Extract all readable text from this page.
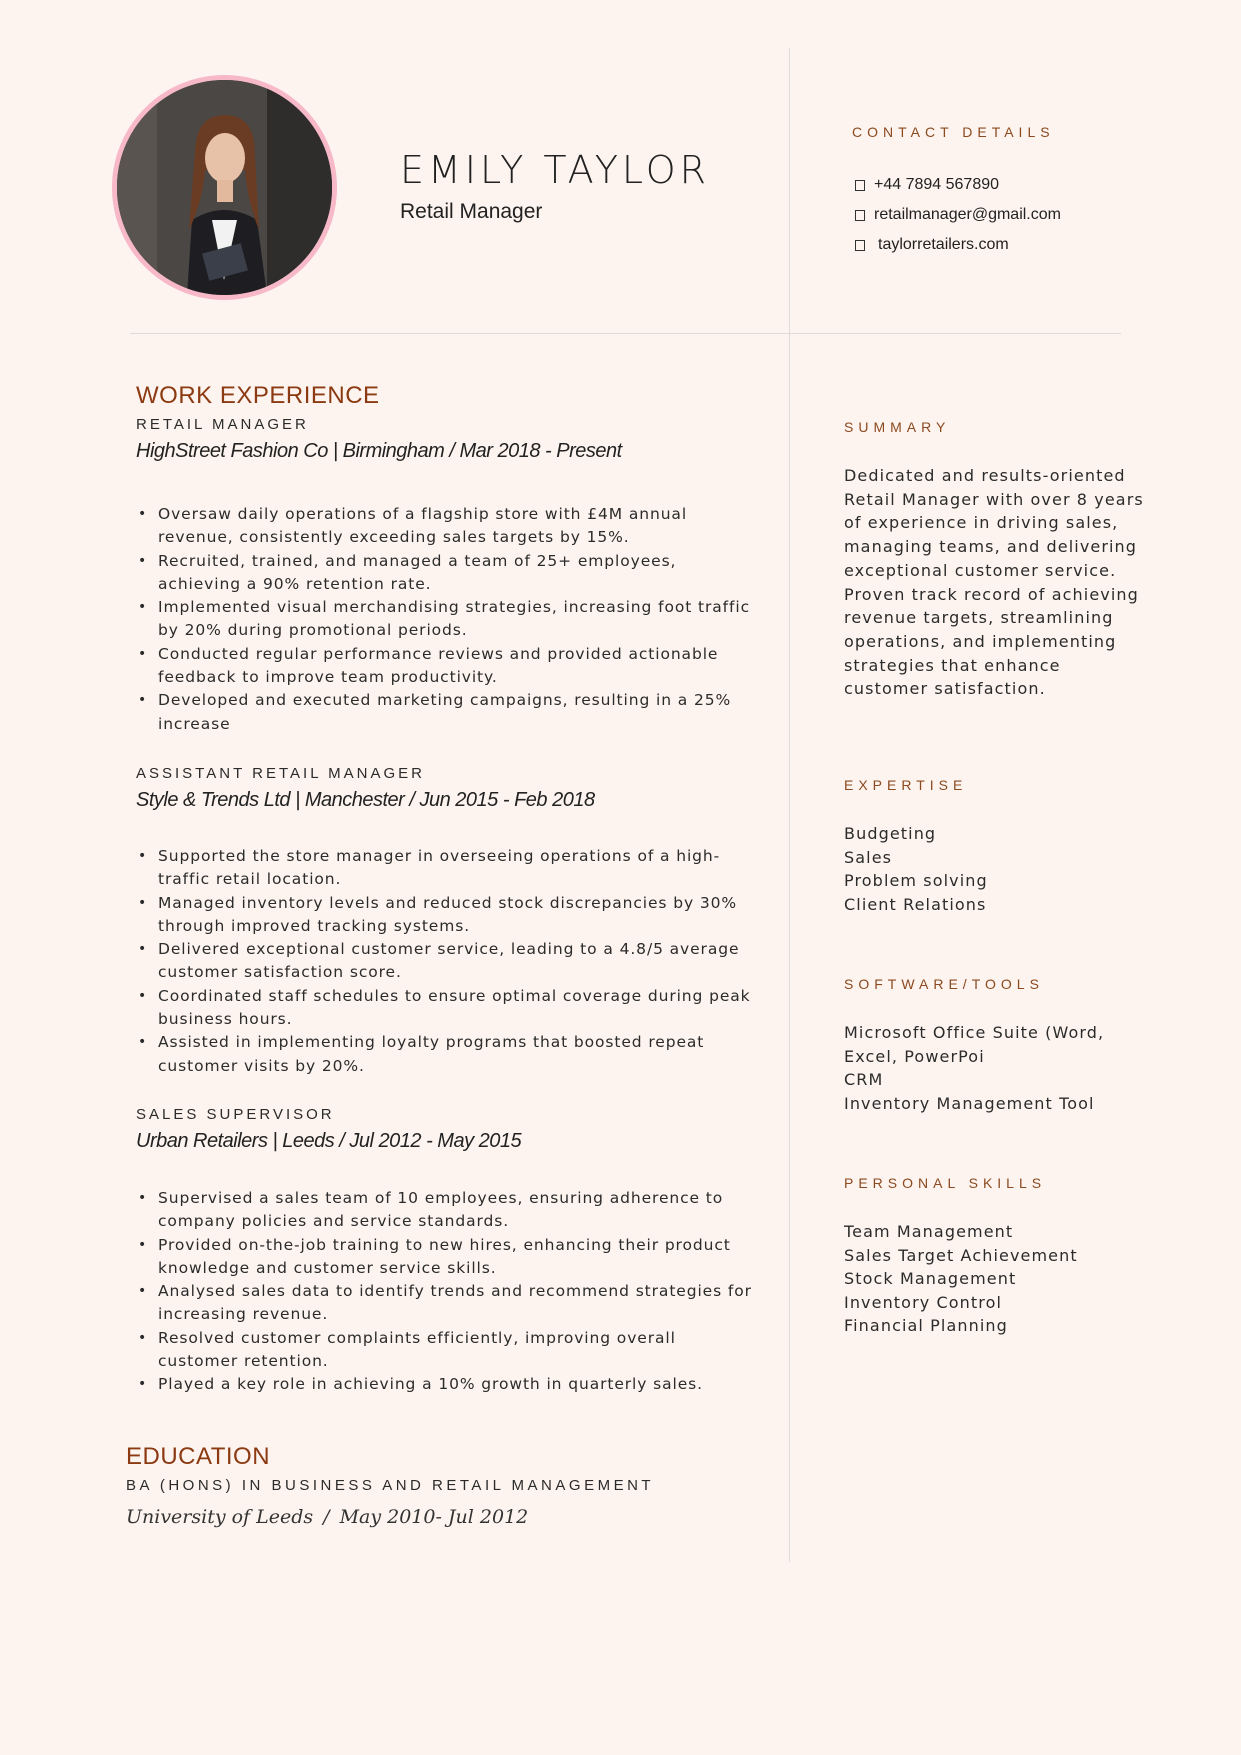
EMILY TAYLOR
Retail Manager
CONTACT DETAILS
+44 7894 567890
retailmanager@gmail.com
taylorretailers.com
WORK EXPERIENCE
RETAIL MANAGER
HighStreet Fashion Co | Birmingham / Mar 2018 - Present
• Oversaw daily operations of a flagship store with £4M annual revenue, consistently exceeding sales targets by 15%.
• Recruited, trained, and managed a team of 25+ employees, achieving a 90% retention rate.
• Implemented visual merchandising strategies, increasing foot traffic by 20% during promotional periods.
• Conducted regular performance reviews and provided actionable feedback to improve team productivity.
• Developed and executed marketing campaigns, resulting in a 25% increase
ASSISTANT RETAIL MANAGER
Style & Trends Ltd | Manchester / Jun 2015 - Feb 2018
• Supported the store manager in overseeing operations of a high-traffic retail location.
• Managed inventory levels and reduced stock discrepancies by 30% through improved tracking systems.
• Delivered exceptional customer service, leading to a 4.8/5 average customer satisfaction score.
• Coordinated staff schedules to ensure optimal coverage during peak business hours.
• Assisted in implementing loyalty programs that boosted repeat customer visits by 20%.
SALES SUPERVISOR
Urban Retailers | Leeds / Jul 2012 - May 2015
• Supervised a sales team of 10 employees, ensuring adherence to company policies and service standards.
• Provided on-the-job training to new hires, enhancing their product knowledge and customer service skills.
• Analysed sales data to identify trends and recommend strategies for increasing revenue.
• Resolved customer complaints efficiently, improving overall customer retention.
• Played a key role in achieving a 10% growth in quarterly sales.
EDUCATION
BA (HONS) IN BUSINESS AND RETAIL MANAGEMENT
University of Leeds / May 2010- Jul 2012
SUMMARY
Dedicated and results-oriented Retail Manager with over 8 years of experience in driving sales, managing teams, and delivering exceptional customer service. Proven track record of achieving revenue targets, streamlining operations, and implementing strategies that enhance customer satisfaction.
EXPERTISE
Budgeting
Sales
Problem solving
Client Relations
SOFTWARE/TOOLS
Microsoft Office Suite (Word, Excel, PowerPoi
CRM
Inventory Management Tool
PERSONAL SKILLS
Team Management
Sales Target Achievement
Stock Management
Inventory Control
Financial Planning
